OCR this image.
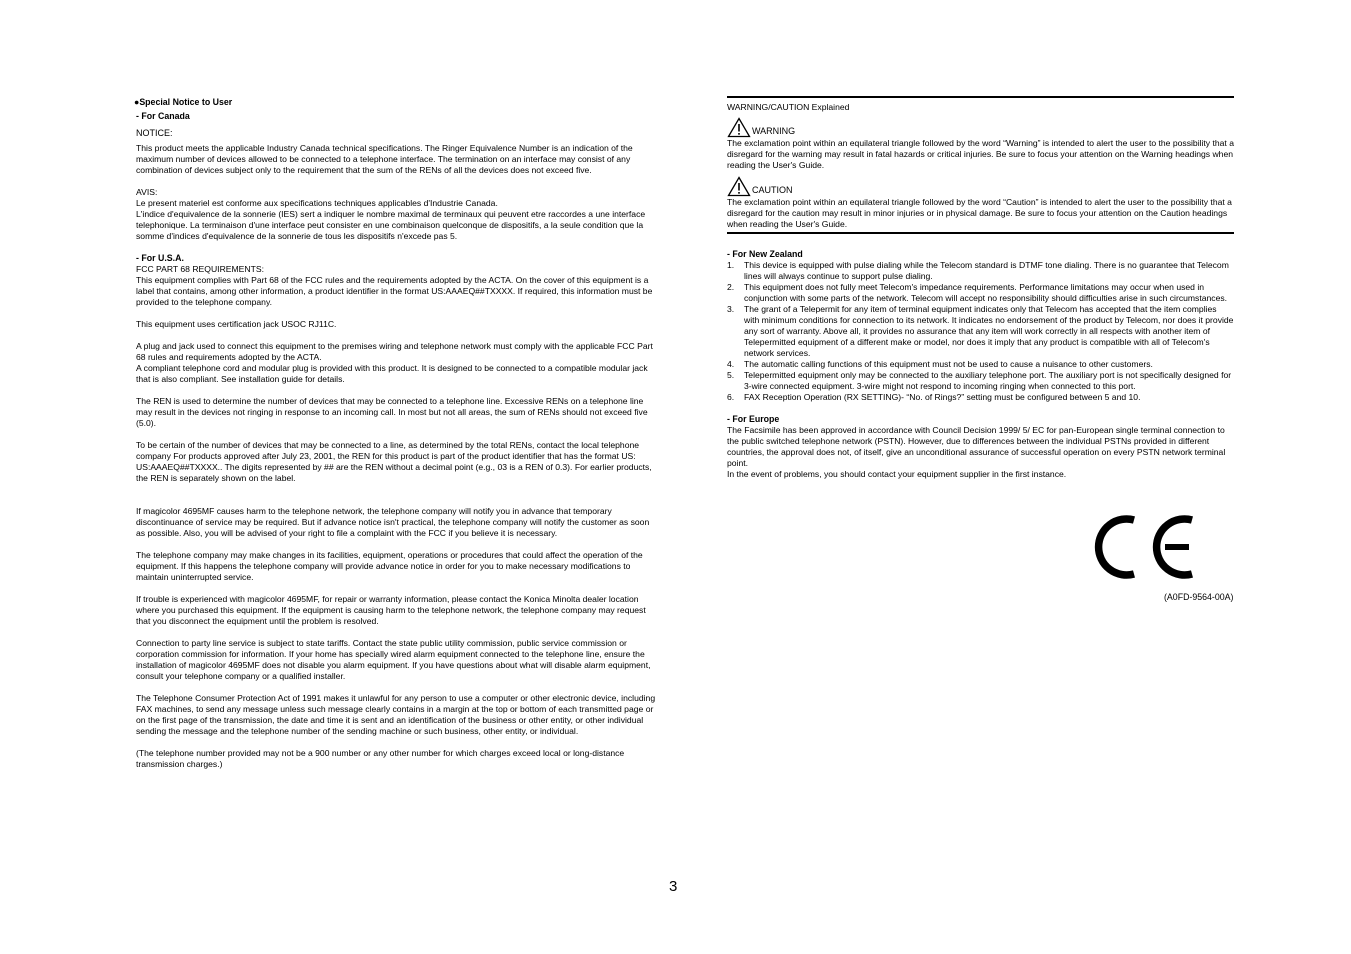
●Special Notice to User

- For Canada

NOTICE:

This product meets the applicable Industry Canada technical specifications. The Ringer Equivalence Number is an indication of the maximum number of devices allowed to be connected to a telephone interface. The termination on an interface may consist of any combination of devices subject only to the requirement that the sum of the RENs of all the devices does not exceed five.

AVIS:

Le present materiel est conforme aux specifications techniques applicables d'Industrie Canada.

L'indice d'equivalence de la sonnerie (IES) sert a indiquer le nombre maximal de terminaux qui peuvent etre raccordes a une interface telephonique. La terminaison d'une interface peut consister en une combinaison quelconque de dispositifs, a la seule condition que la somme d'indices d'equivalence de la sonnerie de tous les dispositifs n'excede pas 5.

- For U.S.A.

FCC PART 68 REQUIREMENTS:

This equipment complies with Part 68 of the FCC rules and the requirements adopted by the ACTA. On the cover of this equipment is a label that contains, among other information, a product identifier in the format US:AAAEQ##TXXXX. If required, this information must be provided to the telephone company.

This equipment uses certification jack USOC RJ11C.

A plug and jack used to connect this equipment to the premises wiring and telephone network must comply with the applicable FCC Part 68 rules and requirements adopted by the ACTA.

A compliant telephone cord and modular plug is provided with this product. It is designed to be connected to a compatible modular jack that is also compliant. See installation guide for details.

The REN is used to determine the number of devices that may be connected to a telephone line. Excessive RENs on a telephone line may result in the devices not ringing in response to an incoming call. In most but not all areas, the sum of RENs should not exceed five (5.0).

To be certain of the number of devices that may be connected to a line, as determined by the total RENs, contact the local telephone company For products approved after July 23, 2001, the REN for this product is part of the product identifier that has the format US: US:AAAEQ##TXXXX.. The digits represented by ## are the REN without a decimal point (e.g., 03 is a REN of 0.3). For earlier products, the REN is separately shown on the label.

If magicolor 4695MF causes harm to the telephone network, the telephone company will notify you in advance that temporary discontinuance of service may be required. But if advance notice isn't practical, the telephone company will notify the customer as soon as possible. Also, you will be advised of your right to file a complaint with the FCC if you believe it is necessary.

The telephone company may make changes in its facilities, equipment, operations or procedures that could affect the operation of the equipment. If this happens the telephone company will provide advance notice in order for you to make necessary modifications to maintain uninterrupted service.

If trouble is experienced with magicolor 4695MF, for repair or warranty information, please contact the Konica Minolta dealer location where you purchased this equipment. If the equipment is causing harm to the telephone network, the telephone company may request that you disconnect the equipment until the problem is resolved.

Connection to party line service is subject to state tariffs. Contact the state public utility commission, public service commission or corporation commission for information. If your home has specially wired alarm equipment connected to the telephone line, ensure the installation of magicolor 4695MF does not disable you alarm equipment. If you have questions about what will disable alarm equipment, consult your telephone company or a qualified installer.

The Telephone Consumer Protection Act of 1991 makes it unlawful for any person to use a computer or other electronic device, including FAX machines, to send any message unless such message clearly contains in a margin at the top or bottom of each transmitted page or on the first page of the transmission, the date and time it is sent and an identification of the business or other entity, or other individual sending the message and the telephone number of the sending machine or such business, other entity, or individual.

(The telephone number provided may not be a 900 number or any other number for which charges exceed local or long-distance transmission charges.)

WARNING/CAUTION Explained

WARNING

The exclamation point within an equilateral triangle followed by the word “Warning” is intended to alert the user to the possibility that a disregard for the warning may result in fatal hazards or critical injuries. Be sure to focus your attention on the Warning headings when reading the User's Guide.

CAUTION

The exclamation point within an equilateral triangle followed by the word “Caution” is intended to alert the user to the possibility that a disregard for the caution may result in minor injuries or in physical damage. Be sure to focus your attention on the Caution headings when reading the User's Guide.

- For New Zealand

1.	This device is equipped with pulse dialing while the Telecom standard is DTMF tone dialing. There is no guarantee that Telecom lines will always continue to support pulse dialing.
2.	This equipment does not fully meet Telecom's impedance requirements. Performance limitations may occur when used in conjunction with some parts of the network. Telecom will accept no responsibility should difficulties arise in such circumstances.
3.	The grant of a Telepermit for any item of terminal equipment indicates only that Telecom has accepted that the item complies with minimum conditions for connection to its network. It indicates no endorsement of the product by Telecom, nor does it provide any sort of warranty. Above all, it provides no assurance that any item will work correctly in all respects with another item of Telepermitted equipment of a different make or model, nor does it imply that any product is compatible with all of Telecom's network services.
4.	The automatic calling functions of this equipment must not be used to cause a nuisance to other customers.
5.	Telepermitted equipment only may be connected to the auxiliary telephone port. The auxiliary port is not specifically designed for 3-wire connected equipment. 3-wire might not respond to incoming ringing when connected to this port.
6.	FAX Reception Operation (RX SETTING)- “No. of Rings?” setting must be configured between 5 and 10.

- For Europe

The Facsimile has been approved in accordance with Council Decision 1999/ 5/ EC for pan-European single terminal connection to the public switched telephone network (PSTN). However, due to differences between the individual PSTNs provided in different countries, the approval does not, of itself, give an unconditional assurance of successful operation on every PSTN network terminal point.

In the event of problems, you should contact your equipment supplier in the first instance.

(A0FD-9564-00A)
3
